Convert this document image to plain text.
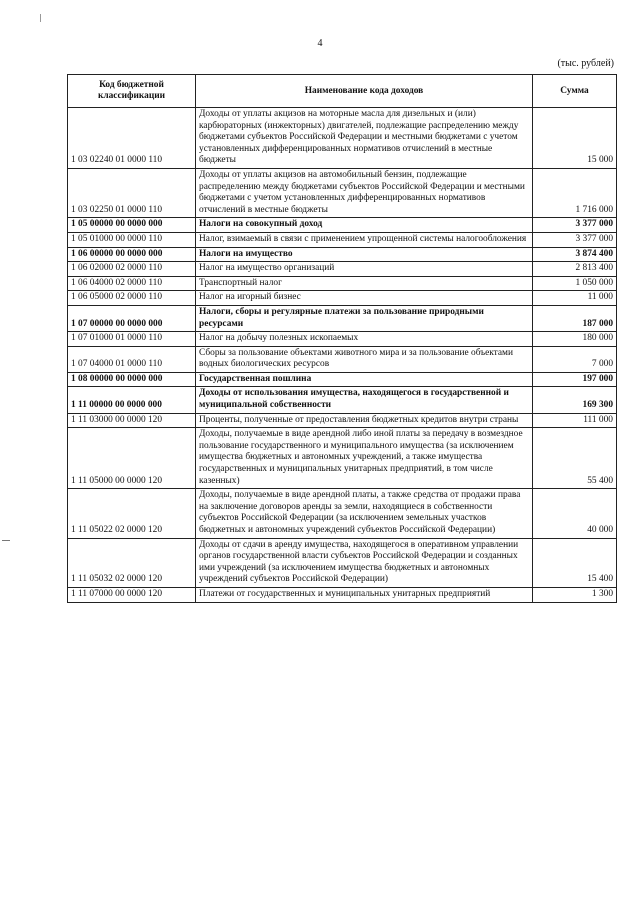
4
(тыс. рублей)
Код бюджетной классификации	Наименование кода доходов	Сумма
1 03 02240 01 0000 110	Доходы от уплаты акцизов на моторные масла для дизельных и (или) карбюраторных (инжекторных) двигателей, подлежащие распределению между бюджетами субъектов Российской Федерации и местными бюджетами с учетом установленных дифференцированных нормативов отчислений в местные бюджеты	15 000
1 03 02250 01 0000 110	Доходы от уплаты акцизов на автомобильный бензин, подлежащие распределению между бюджетами субъектов Российской Федерации и местными бюджетами с учетом установленных дифференцированных нормативов отчислений в местные бюджеты	1 716 000
1 05 00000 00 0000 000	Налоги на совокупный доход	3 377 000
1 05 01000 00 0000 110	Налог, взимаемый в связи с применением упрощенной системы налогообложения	3 377 000
1 06 00000 00 0000 000	Налоги на имущество	3 874 400
1 06 02000 02 0000 110	Налог на имущество организаций	2 813 400
1 06 04000 02 0000 110	Транспортный налог	1 050 000
1 06 05000 02 0000 110	Налог на игорный бизнес	11 000
1 07 00000 00 0000 000	Налоги, сборы и регулярные платежи за пользование природными ресурсами	187 000
1 07 01000 01 0000 110	Налог на добычу полезных ископаемых	180 000
1 07 04000 01 0000 110	Сборы за пользование объектами животного мира и за пользование объектами водных биологических ресурсов	7 000
1 08 00000 00 0000 000	Государственная пошлина	197 000
1 11 00000 00 0000 000	Доходы от использования имущества, находящегося в государственной и муниципальной собственности	169 300
1 11 03000 00 0000 120	Проценты, полученные от предоставления бюджетных кредитов внутри страны	111 000
1 11 05000 00 0000 120	Доходы, получаемые в виде арендной либо иной платы за передачу в возмездное пользование государственного и муниципального имущества (за исключением имущества бюджетных и автономных учреждений, а также имущества государственных и муниципальных унитарных предприятий, в том числе казенных)	55 400
1 11 05022 02 0000 120	Доходы, получаемые в виде арендной платы, а также средства от продажи права на заключение договоров аренды за земли, находящиеся в собственности субъектов Российской Федерации (за исключением земельных участков бюджетных и автономных учреждений субъектов Российской Федерации)	40 000
1 11 05032 02 0000 120	Доходы от сдачи в аренду имущества, находящегося в оперативном управлении органов государственной власти субъектов Российской Федерации и созданных ими учреждений (за исключением имущества бюджетных и автономных учреждений субъектов Российской Федерации)	15 400
1 11 07000 00 0000 120	Платежи от государственных и муниципальных унитарных предприятий	1 300
